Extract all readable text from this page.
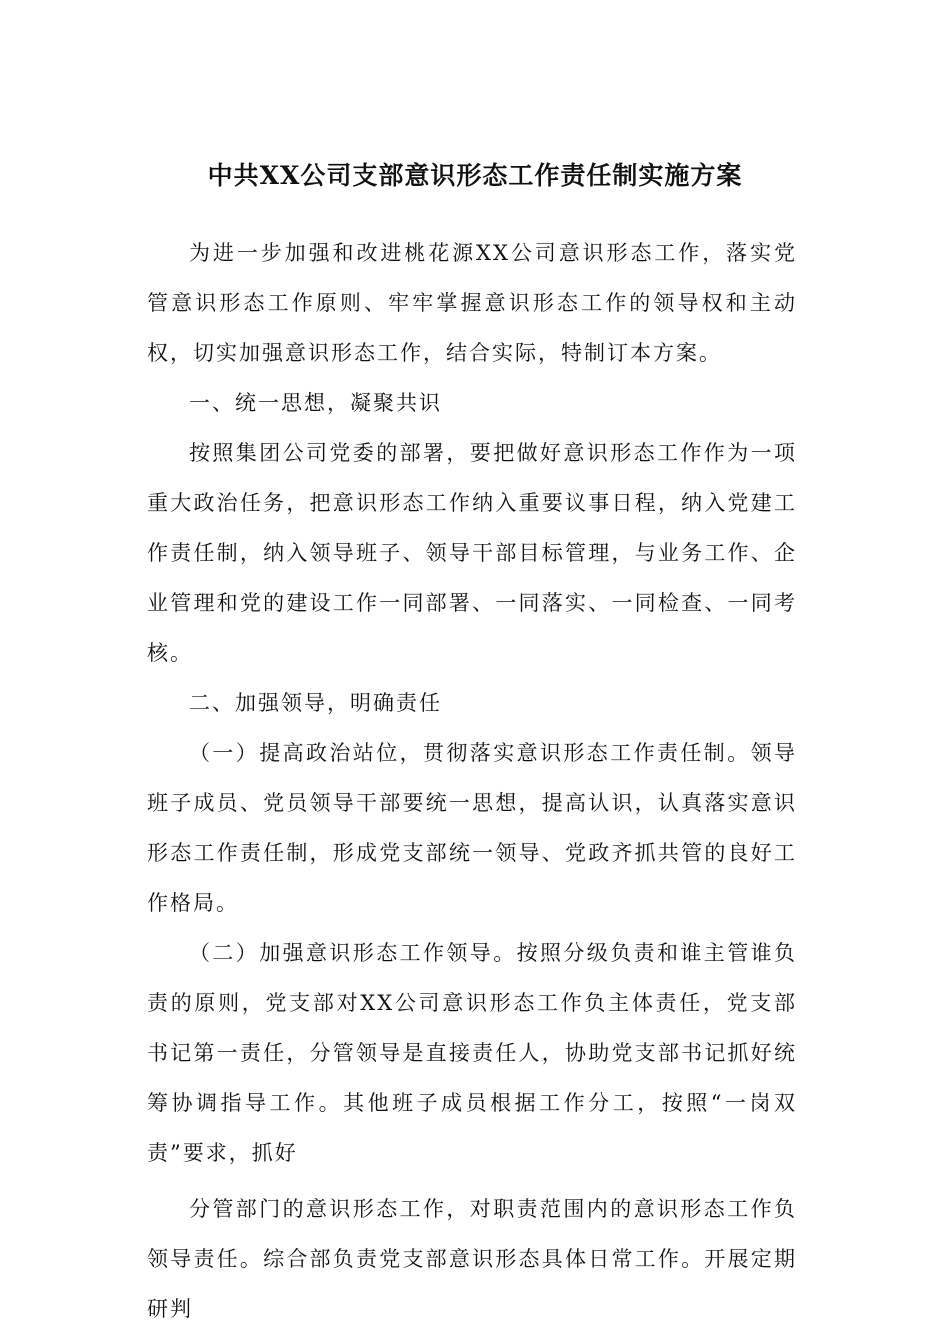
中共XX公司支部意识形态工作责任制实施方案

为进一步加强和改进桃花源XX公司意识形态工作，落实党管意识形态工作原则、牢牢掌握意识形态工作的领导权和主动权，切实加强意识形态工作，结合实际，特制订本方案。

一、统一思想，凝聚共识

按照集团公司党委的部署，要把做好意识形态工作作为一项重大政治任务，把意识形态工作纳入重要议事日程，纳入党建工作责任制，纳入领导班子、领导干部目标管理，与业务工作、企业管理和党的建设工作一同部署、一同落实、一同检查、一同考核。

二、加强领导，明确责任

（一）提高政治站位，贯彻落实意识形态工作责任制。领导班子成员、党员领导干部要统一思想，提高认识，认真落实意识形态工作责任制，形成党支部统一领导、党政齐抓共管的良好工作格局。

（二）加强意识形态工作领导。按照分级负责和谁主管谁负责的原则，党支部对XX公司意识形态工作负主体责任，党支部书记第一责任，分管领导是直接责任人，协助党支部书记抓好统筹协调指导工作。其他班子成员根据工作分工，按照“一岗双责”要求，抓好

分管部门的意识形态工作，对职责范围内的意识形态工作负领导责任。综合部负责党支部意识形态具体日常工作。开展定期研判
